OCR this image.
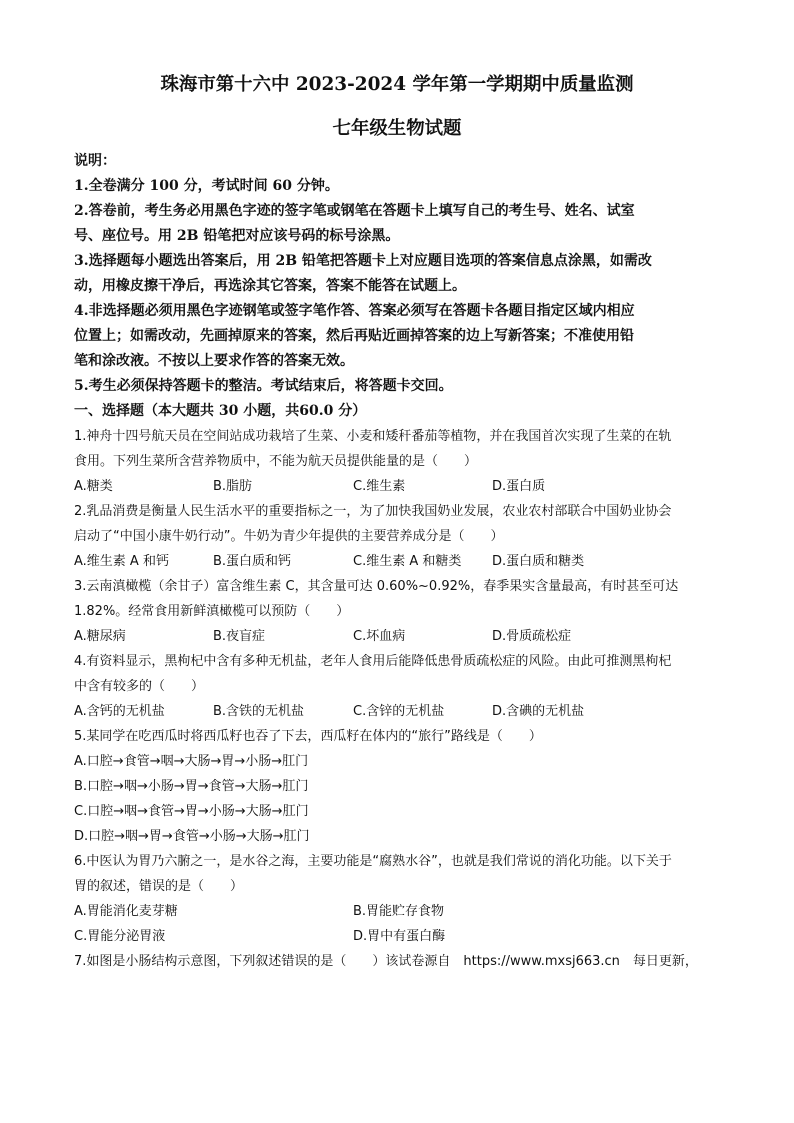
珠海市第十六中 2023-2024 学年第一学期期中质量监测
七年级生物试题
说明：
1.全卷满分 100 分，考试时间 60 分钟。
2.答卷前，考生务必用黑色字迹的签字笔或钢笔在答题卡上填写自己的考生号、姓名、试室
号、座位号。用 2B 铅笔把对应该号码的标号涂黑。
3.选择题每小题选出答案后，用 2B 铅笔把答题卡上对应题目选项的答案信息点涂黑，如需改
动，用橡皮擦干净后，再选涂其它答案，答案不能答在试题上。
4.非选择题必须用黑色字迹钢笔或签字笔作答、答案必须写在答题卡各题目指定区域内相应
位置上；如需改动，先画掉原来的答案，然后再贴近画掉答案的边上写新答案；不准使用铅
笔和涂改液。不按以上要求作答的答案无效。
5.考生必须保持答题卡的整洁。考试结束后，将答题卡交回。
一、选择题（本大题共 30 小题，共60.0 分）
1.神舟十四号航天员在空间站成功栽培了生菜、小麦和矮秆番茄等植物，并在我国首次实现了生菜的在轨
食用。下列生菜所含营养物质中，不能为航天员提供能量的是（　　）
A.糖类	B.脂肪	C.维生素	D.蛋白质
2.乳品消费是衡量人民生活水平的重要指标之一，为了加快我国奶业发展，农业农村部联合中国奶业协会
启动了“中国小康牛奶行动”。牛奶为青少年提供的主要营养成分是（　　）
A.维生素 A 和钙	B.蛋白质和钙	C.维生素 A 和糖类 D.蛋白质和糖类
3.云南滇橄榄（余甘子）富含维生素 C，其含量可达 0.60%~0.92%，春季果实含量最高，有时甚至可达
1.82%。经常食用新鲜滇橄榄可以预防（　　）
A.糖尿病	B.夜盲症	C.坏血病	D.骨质疏松症
4.有资料显示，黑枸杞中含有多种无机盐，老年人食用后能降低患骨质疏松症的风险。由此可推测黑枸杞
中含有较多的（　　）
A.含钙的无机盐	B.含铁的无机盐	C.含锌的无机盐	D.含碘的无机盐
5.某同学在吃西瓜时将西瓜籽也吞了下去，西瓜籽在体内的“旅行”路线是（　　）
A.口腔→食管→咽→大肠→胃→小肠→肛门
B.口腔→咽→小肠→胃→食管→大肠→肛门
C.口腔→咽→食管→胃→小肠→大肠→肛门
D.口腔→咽→胃→食管→小肠→大肠→肛门
6.中医认为胃乃六腑之一，是水谷之海，主要功能是“腐熟水谷”，也就是我们常说的消化功能。以下关于
胃的叙述，错误的是（　　）
A.胃能消化麦芽糖	B.胃能贮存食物
C.胃能分泌胃液	D.胃中有蛋白酶
7.如图是小肠结构示意图，下列叙述错误的是（　　）该试卷源自　https://www.mxsj663.cn　每日更新，
